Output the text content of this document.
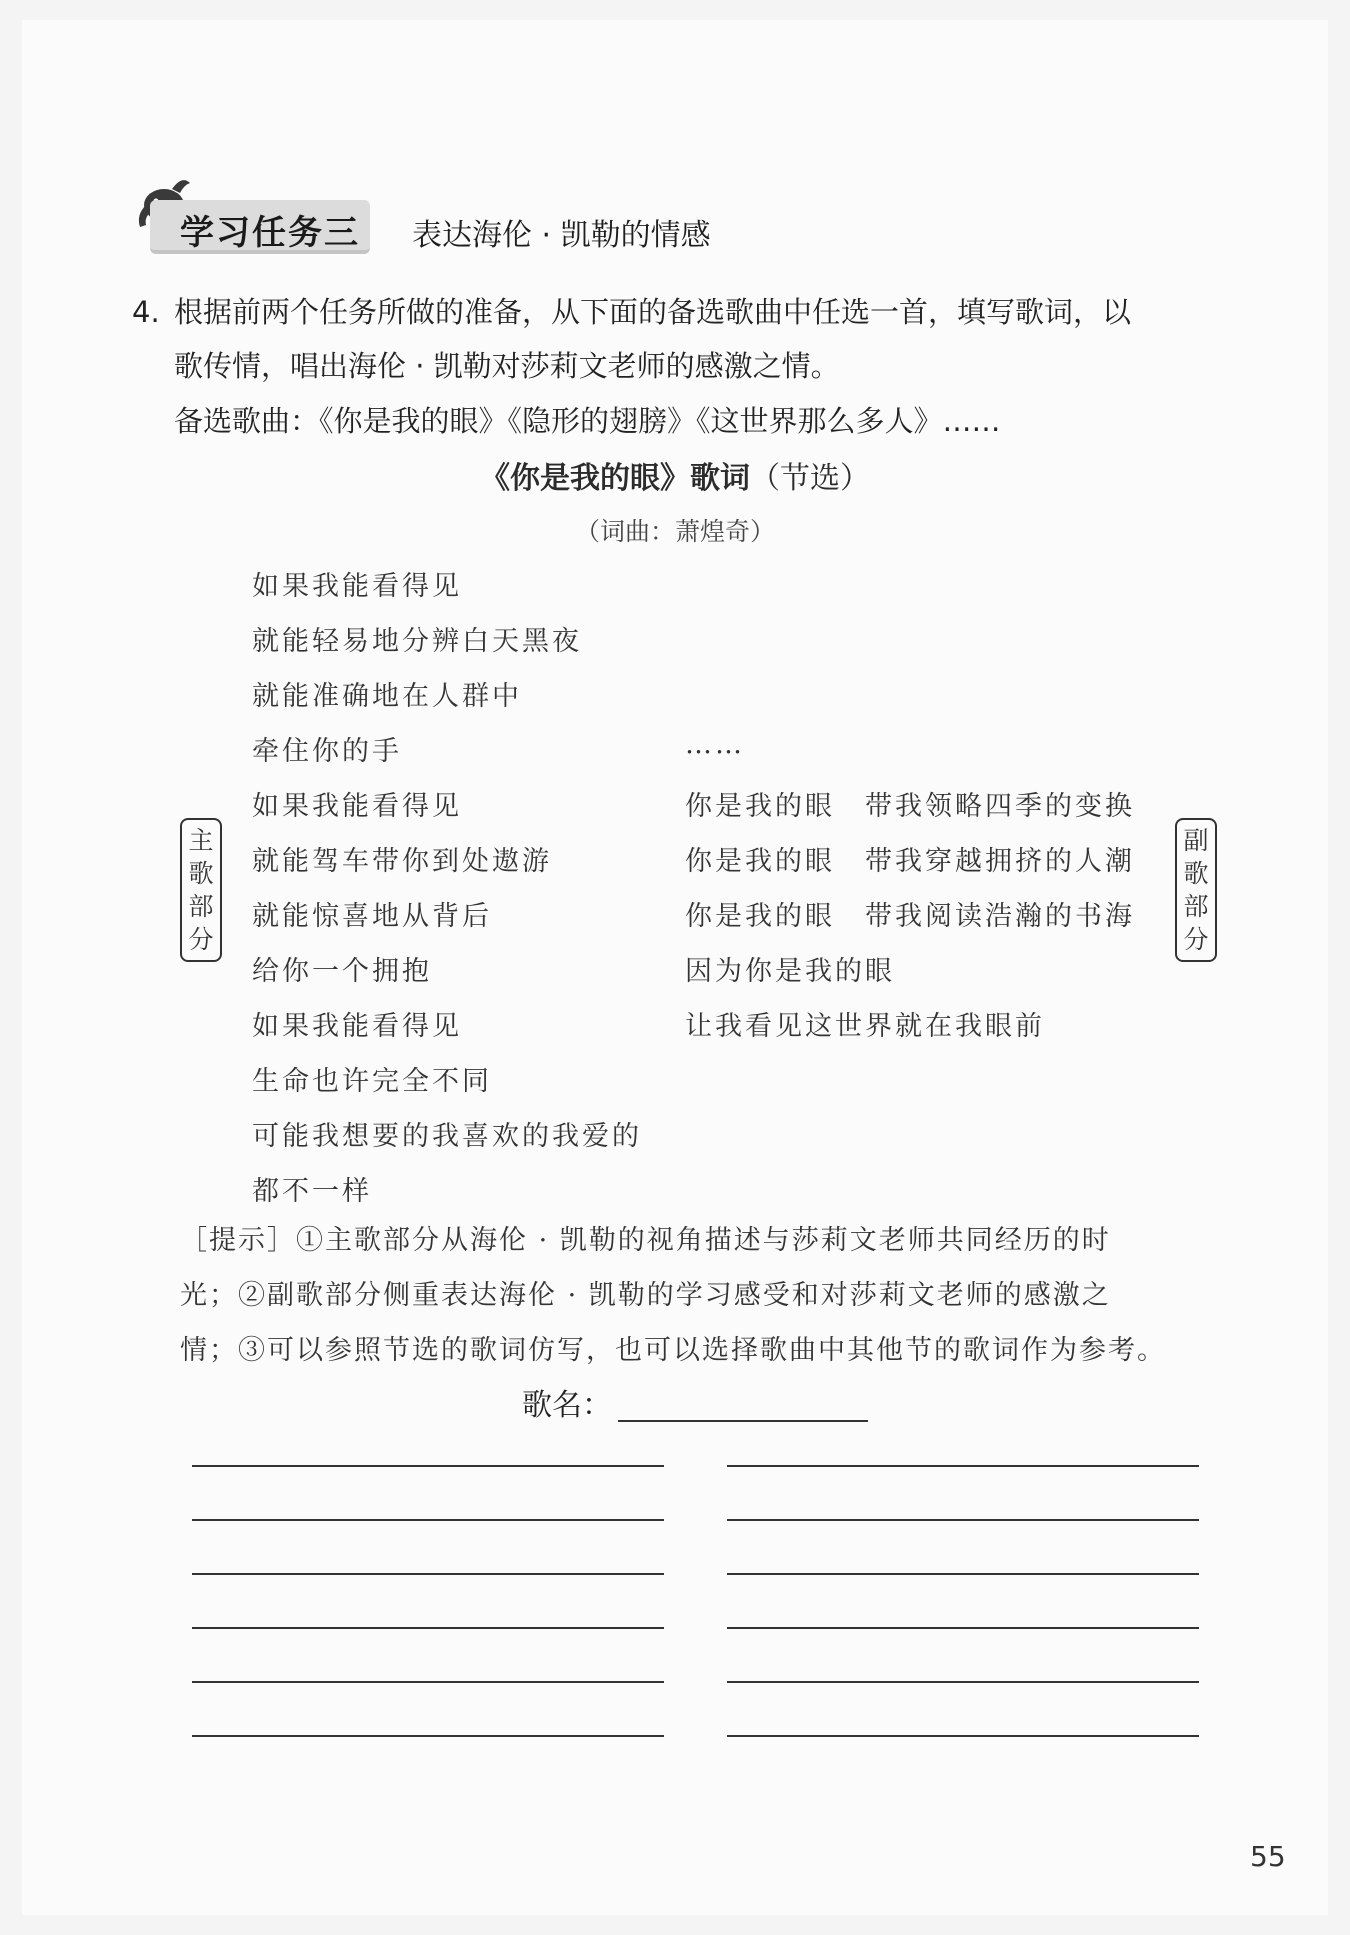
学习任务三 表达海伦 · 凯勒的情感
4. 根据前两个任务所做的准备，从下面的备选歌曲中任选一首，填写歌词，以
歌传情，唱出海伦 · 凯勒对莎莉文老师的感激之情。
备选歌曲：《你是我的眼》《隐形的翅膀》《这世界那么多人》……
《你是我的眼》歌词（节选）
（词曲：萧煌奇）
主
歌
部
分
如果我能看得见
就能轻易地分辨白天黑夜
就能准确地在人群中
牵住你的手
如果我能看得见
就能驾车带你到处遨游
就能惊喜地从背后
给你一个拥抱
如果我能看得见
生命也许完全不同
可能我想要的我喜欢的我爱的
都不一样
……
你是我的眼　带我领略四季的变换
你是我的眼　带我穿越拥挤的人潮
你是我的眼　带我阅读浩瀚的书海
因为你是我的眼
让我看见这世界就在我眼前
副
歌
部
分
［提示］①主歌部分从海伦 · 凯勒的视角描述与莎莉文老师共同经历的时
光；②副歌部分侧重表达海伦 · 凯勒的学习感受和对莎莉文老师的感激之
情；③可以参照节选的歌词仿写，也可以选择歌曲中其他节的歌词作为参考。
歌名：
55
